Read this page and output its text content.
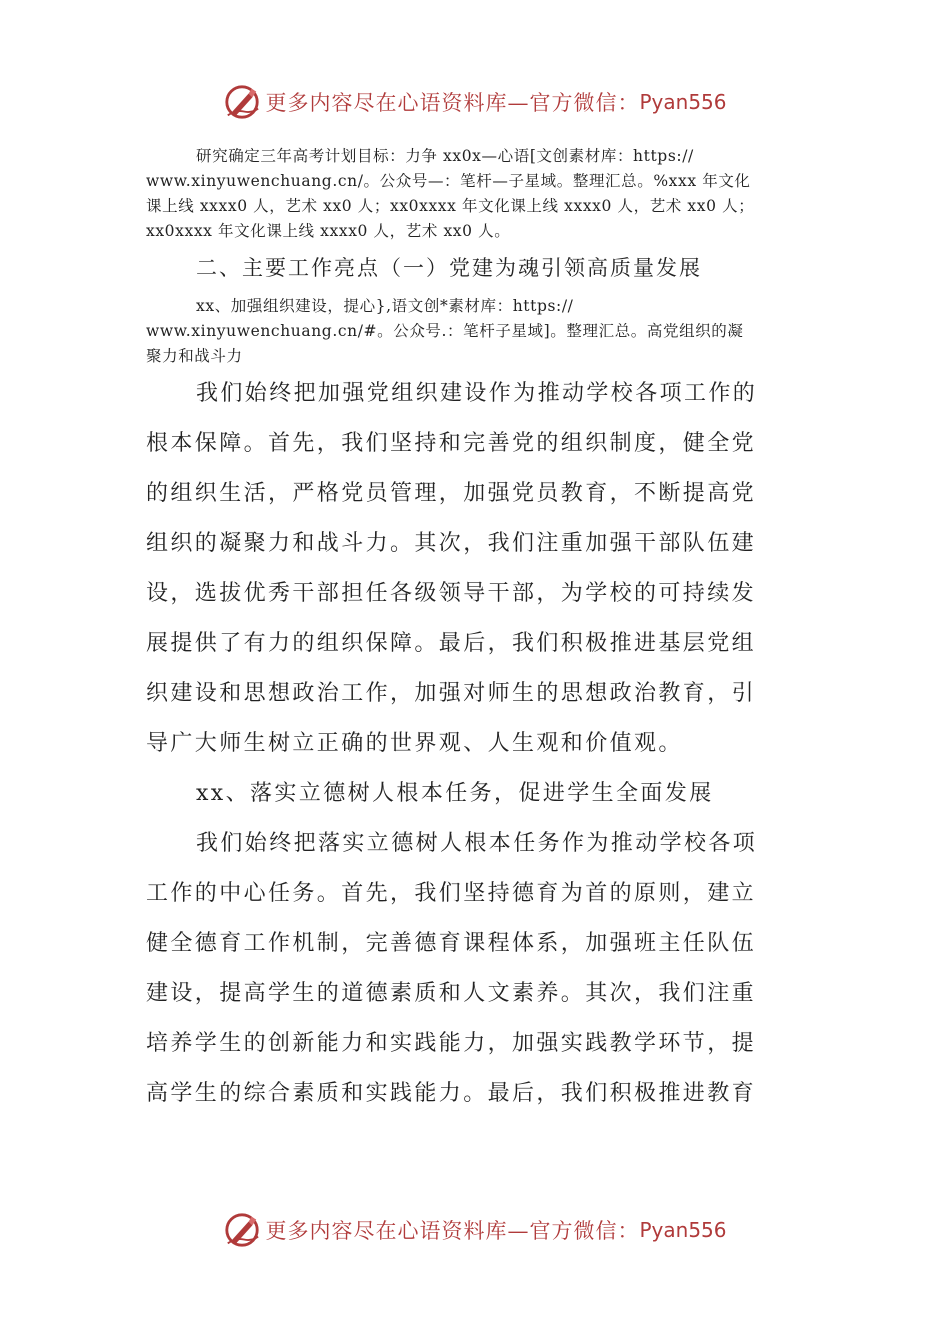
更多内容尽在心语资料库—官方微信： Pyan556

研究确定三年高考计划目标：力争 xx0x—心语[文创素材库：https://

www.xinyuwenchuang.cn/。公众号—：笔杆—子星域。整理汇总。%xxx 年文化

课上线 xxxx0 人，艺术 xx0 人；xx0xxxx 年文化课上线 xxxx0 人，艺术 xx0 人；

xx0xxxx 年文化课上线 xxxx0 人，艺术 xx0 人。

二、主要工作亮点（一）党建为魂引领高质量发展

xx、加强组织建设，提心},语文创*素材库：https://

www.xinyuwenchuang.cn/#。公众号.：笔杆子星域]。整理汇总。高党组织的凝

聚力和战斗力

我们始终把加强党组织建设作为推动学校各项工作的

根本保障。首先，我们坚持和完善党的组织制度，健全党

的组织生活，严格党员管理，加强党员教育，不断提高党

组织的凝聚力和战斗力。其次，我们注重加强干部队伍建

设，选拔优秀干部担任各级领导干部，为学校的可持续发

展提供了有力的组织保障。最后，我们积极推进基层党组

织建设和思想政治工作，加强对师生的思想政治教育，引

导广大师生树立正确的世界观、人生观和价值观。

xx、落实立德树人根本任务，促进学生全面发展

我们始终把落实立德树人根本任务作为推动学校各项

工作的中心任务。首先，我们坚持德育为首的原则，建立

健全德育工作机制，完善德育课程体系，加强班主任队伍

建设，提高学生的道德素质和人文素养。其次，我们注重

培养学生的创新能力和实践能力，加强实践教学环节，提

高学生的综合素质和实践能力。最后，我们积极推进教育

更多内容尽在心语资料库—官方微信： Pyan556
